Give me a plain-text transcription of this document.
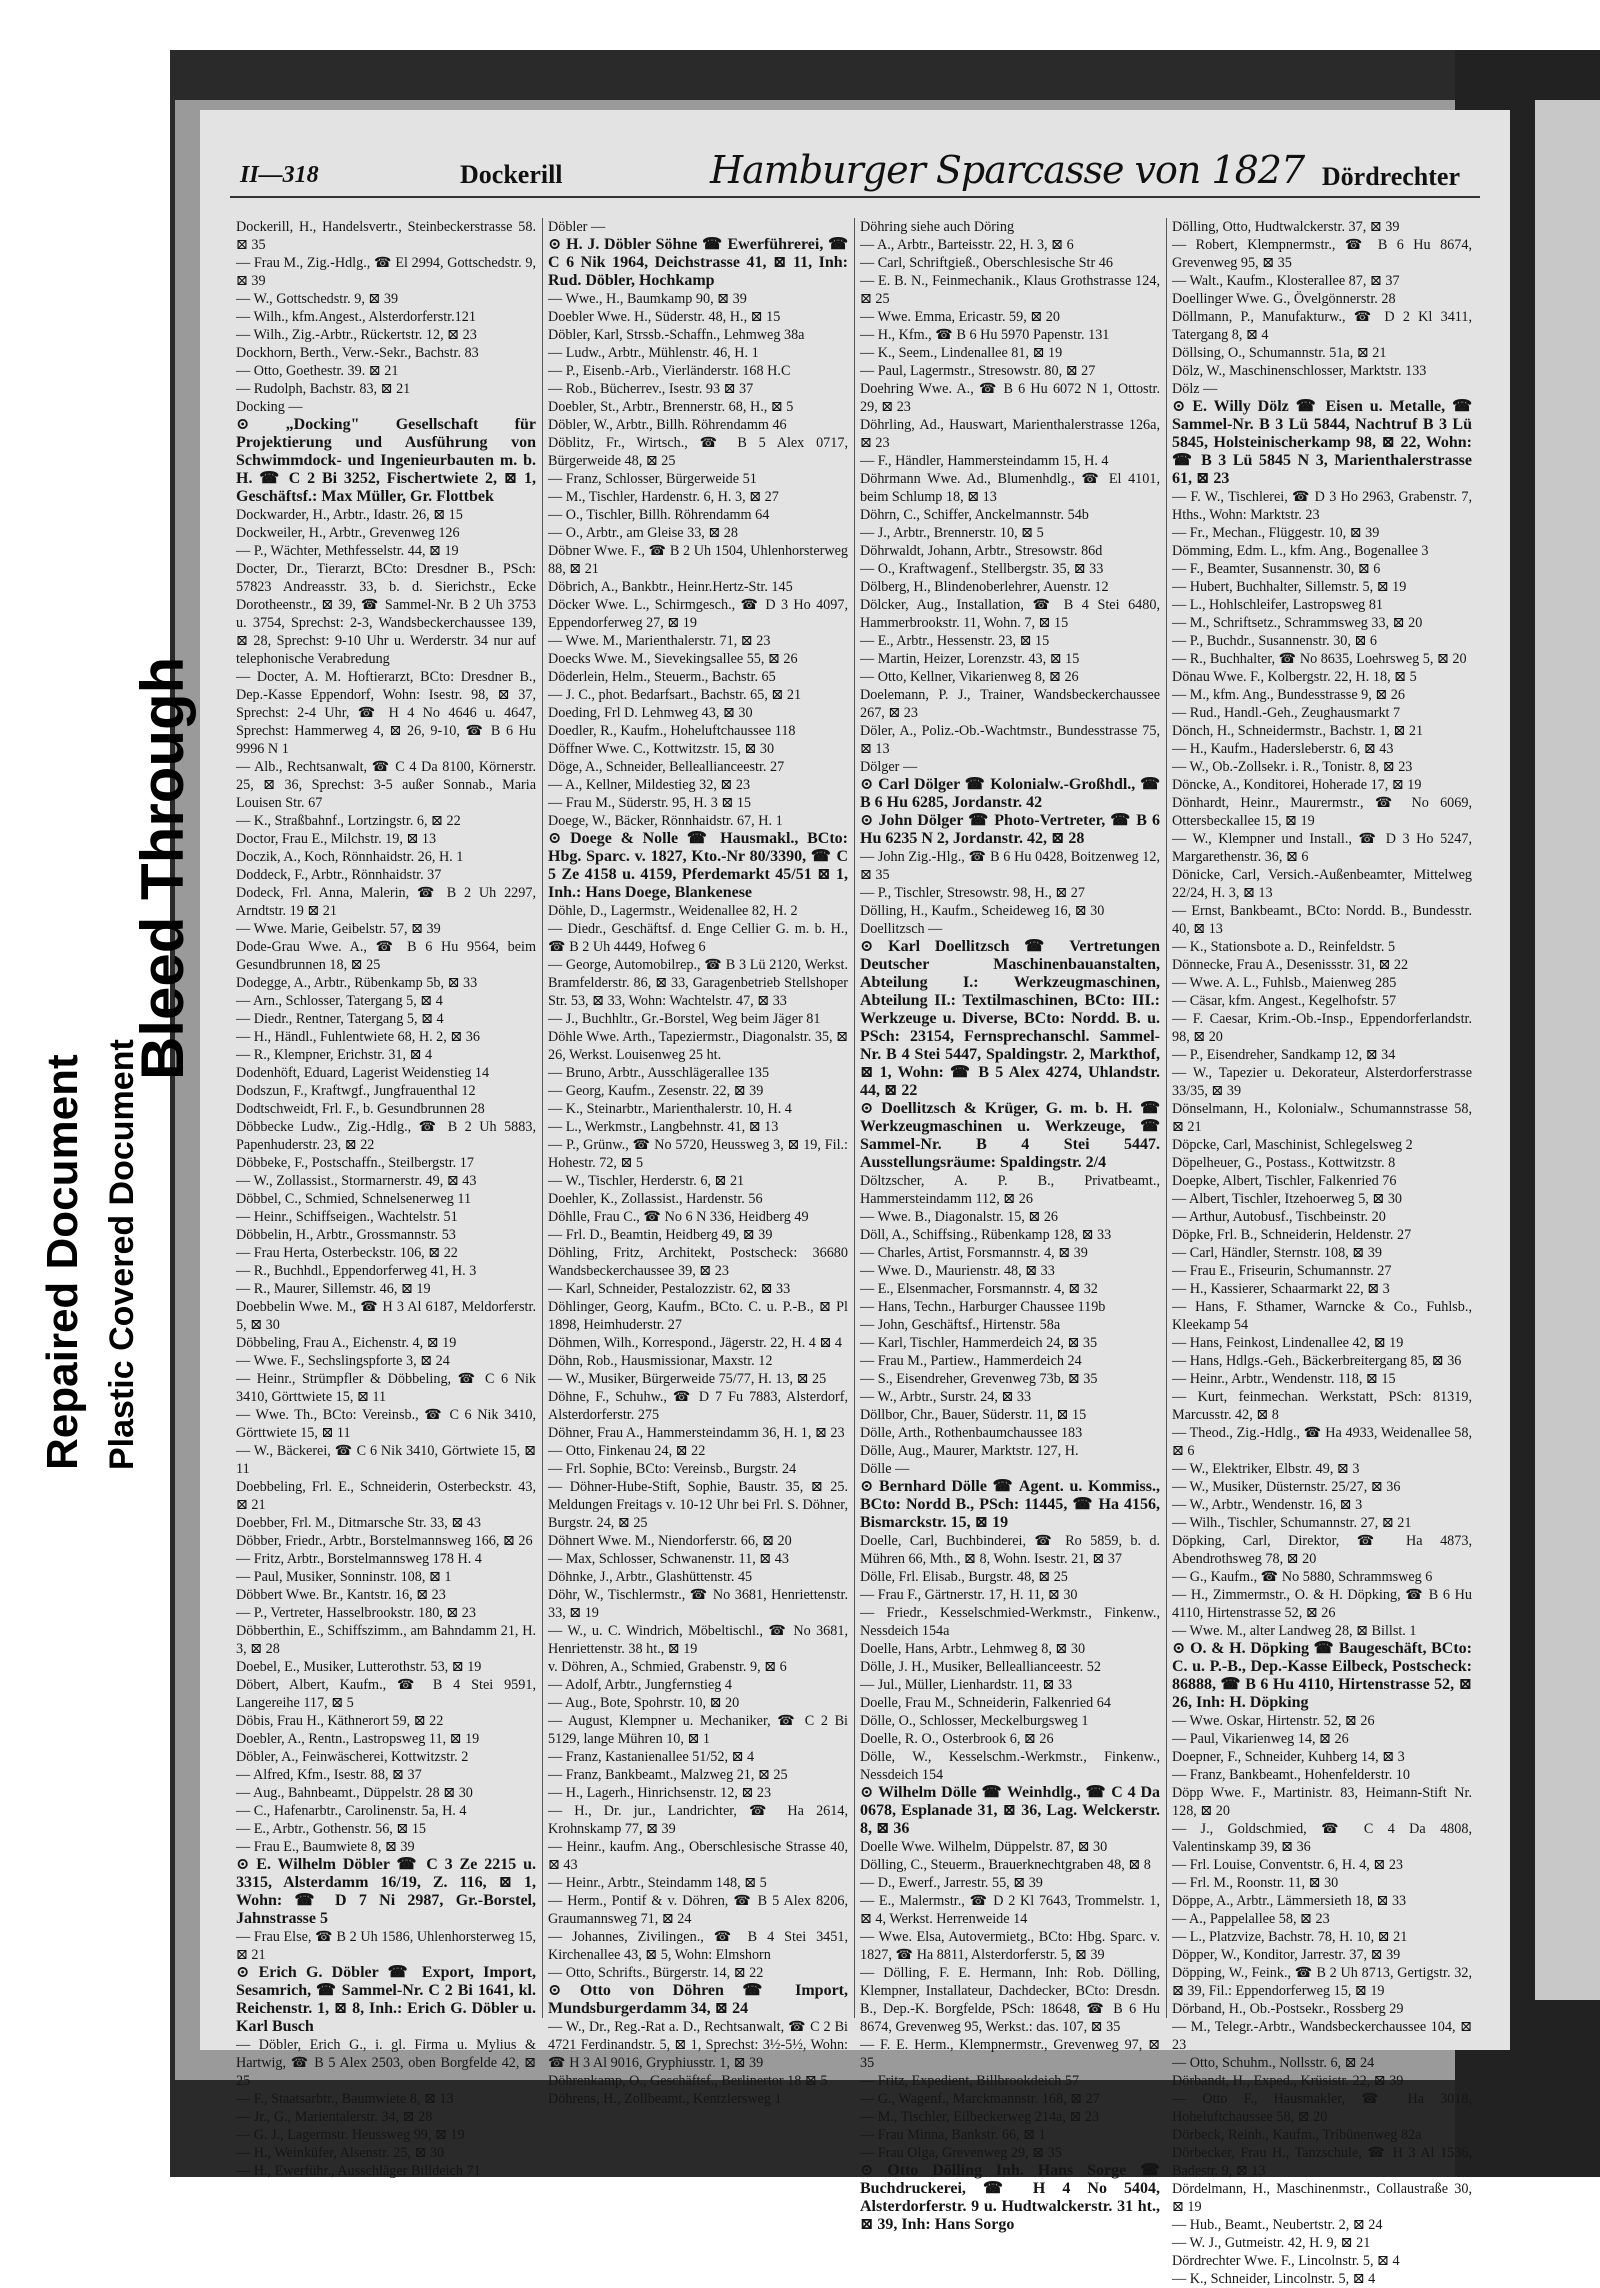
Repaired Document Plastic Covered Document
Bleed Through
II—318	Dockerill	Hamburger Sparcasse von 1827 Dördrechter

Dockerill, H., Handelsvertr., Steinbeckerstrasse 58. ⊠ 35

— Frau M., Zig.-Hdlg., ☎ El 2994, Gottschedstr. 9, ⊠ 39

— W., Gottschedstr. 9, ⊠ 39

— Wilh., kfm.Angest., Alsterdorferstr.121

— Wilh., Zig.-Arbtr., Rückertstr. 12, ⊠ 23

Dockhorn, Berth., Verw.-Sekr., Bachstr. 83

— Otto, Goethestr. 39. ⊠ 21

— Rudolph, Bachstr. 83, ⊠ 21

Docking —

⊙ „Docking" Gesellschaft für Projektierung und Ausführung von Schwimmdock- und Ingenieurbauten m. b. H. ☎ C 2 Bi 3252, Fischertwiete 2, ⊠ 1, Geschäftsf.: Max Müller, Gr. Flottbek

Dockwarder, H., Arbtr., Idastr. 26, ⊠ 15

Dockweiler, H., Arbtr., Grevenweg 126

— P., Wächter, Methfesselstr. 44, ⊠ 19

Docter, Dr., Tierarzt, BCto: Dresdner B., PSch: 57823 Andreasstr. 33, b. d. Sierichstr., Ecke Dorotheenstr., ⊠ 39, ☎ Sammel-Nr. B 2 Uh 3753 u. 3754, Sprechst: 2-3, Wandsbeckerchaussee 139, ⊠ 28, Sprechst: 9-10 Uhr u. Werderstr. 34 nur auf telephonische Verabredung

— Docter, A. M. Hoftierarzt, BCto: Dresdner B., Dep.-Kasse Eppendorf, Wohn: Isestr. 98, ⊠ 37, Sprechst: 2-4 Uhr, ☎ H 4 No 4646 u. 4647, Sprechst: Hammerweg 4, ⊠ 26, 9-10, ☎ B 6 Hu 9996 N 1

— Alb., Rechtsanwalt, ☎ C 4 Da 8100, Körnerstr. 25, ⊠ 36, Sprechst: 3-5 außer Sonnab., Maria Louisen Str. 67

— K., Straßbahnf., Lortzingstr. 6, ⊠ 22

Doctor, Frau E., Milchstr. 19, ⊠ 13

Doczik, A., Koch, Rönnhaidstr. 26, H. 1

Doddeck, F., Arbtr., Rönnhaidstr. 37

Dodeck, Frl. Anna, Malerin, ☎ B 2 Uh 2297, Arndtstr. 19 ⊠ 21

— Wwe. Marie, Geibelstr. 57, ⊠ 39

Dode-Grau Wwe. A., ☎ B 6 Hu 9564, beim Gesundbrunnen 18, ⊠ 25

Dodegge, A., Arbtr., Rübenkamp 5b, ⊠ 33

— Arn., Schlosser, Tatergang 5, ⊠ 4

— Diedr., Rentner, Tatergang 5, ⊠ 4

— H., Händl., Fuhlentwiete 68, H. 2, ⊠ 36

— R., Klempner, Erichstr. 31, ⊠ 4

Dodenhöft, Eduard, Lagerist Weidenstieg 14

Dodszun, F., Kraftwgf., Jungfrauenthal 12

Dodtschweidt, Frl. F., b. Gesundbrunnen 28

Döbbecke Ludw., Zig.-Hdlg., ☎ B 2 Uh 5883, Papenhuderstr. 23, ⊠ 22

Döbbeke, F., Postschaffn., Steilbergstr. 17

— W., Zollassist., Stormarnerstr. 49, ⊠ 43

Döbbel, C., Schmied, Schnelsenerweg 11

— Heinr., Schiffseigen., Wachtelstr. 51

Döbbelin, H., Arbtr., Grossmannstr. 53

— Frau Herta, Osterbeckstr. 106, ⊠ 22

— R., Buchhdl., Eppendorferweg 41, H. 3

— R., Maurer, Sillemstr. 46, ⊠ 19

Doebbelin Wwe. M., ☎ H 3 Al 6187, Meldorferstr. 5, ⊠ 30

Döbbeling, Frau A., Eichenstr. 4, ⊠ 19

— Wwe. F., Sechslingspforte 3, ⊠ 24

— Heinr., Strümpfler & Döbbeling, ☎ C 6 Nik 3410, Görttwiete 15, ⊠ 11

— Wwe. Th., BCto: Vereinsb., ☎ C 6 Nik 3410, Görttwiete 15, ⊠ 11

— W., Bäckerei, ☎ C 6 Nik 3410, Görtwiete 15, ⊠ 11

Doebbeling, Frl. E., Schneiderin, Osterbeckstr. 43, ⊠ 21

Doebber, Frl. M., Ditmarsche Str. 33, ⊠ 43

Döbber, Friedr., Arbtr., Borstelmannsweg 166, ⊠ 26

— Fritz, Arbtr., Borstelmannsweg 178 H. 4

— Paul, Musiker, Sonninstr. 108, ⊠ 1

Döbbert Wwe. Br., Kantstr. 16, ⊠ 23

— P., Vertreter, Hasselbrookstr. 180, ⊠ 23

Döbberthin, E., Schiffszimm., am Bahndamm 21, H. 3, ⊠ 28

Doebel, E., Musiker, Lutterothstr. 53, ⊠ 19

Döbert, Albert, Kaufm., ☎ B 4 Stei 9591, Langereihe 117, ⊠ 5

Döbis, Frau H., Käthnerort 59, ⊠ 22

Doebler, A., Rentn., Lastropsweg 11, ⊠ 19

Döbler, A., Feinwäscherei, Kottwitzstr. 2

— Alfred, Kfm., Isestr. 88, ⊠ 37

— Aug., Bahnbeamt., Düppelstr. 28 ⊠ 30

— C., Hafenarbtr., Carolinenstr. 5a, H. 4

— E., Arbtr., Gothenstr. 56, ⊠ 15

— Frau E., Baumwiete 8, ⊠ 39

⊙ E. Wilhelm Döbler ☎ C 3 Ze 2215 u. 3315, Alsterdamm 16/19, Z. 116, ⊠ 1, Wohn: ☎ D 7 Ni 2987, Gr.-Borstel, Jahnstrasse 5

— Frau Else, ☎ B 2 Uh 1586, Uhlenhorsterweg 15, ⊠ 21

⊙ Erich G. Döbler ☎ Export, Import, Sesamrich, ☎ Sammel-Nr. C 2 Bi 1641, kl. Reichenstr. 1, ⊠ 8, Inh.: Erich G. Döbler u. Karl Busch

— Döbler, Erich G., i. gl. Firma u. Mylius & Hartwig, ☎ B 5 Alex 2503, oben Borgfelde 42, ⊠ 25

— F., Staatsarbtr., Baumwiete 8, ⊠ 13

— Jr., G., Marientalerstr. 34, ⊠ 28

— G. J., Lagermstr. Heussweg 99, ⊠ 19

— H., Weinküfer, Alsenstr. 25, ⊠ 30

— H., Ewerführ., Ausschläger Billdeich 71

Döbler —

⊙ H. J. Döbler Söhne ☎ Ewerführerei, ☎ C 6 Nik 1964, Deichstrasse 41, ⊠ 11, Inh: Rud. Döbler, Hochkamp

— Wwe., H., Baumkamp 90, ⊠ 39

Doebler Wwe. H., Süderstr. 48, H., ⊠ 15

Döbler, Karl, Strssb.-Schaffn., Lehmweg 38a

— Ludw., Arbtr., Mühlenstr. 46, H. 1

— P., Eisenb.-Arb., Vierländerstr. 168 H.C

— Rob., Bücherrev., Isestr. 93 ⊠ 37

Doebler, St., Arbtr., Brennerstr. 68, H., ⊠ 5

Döbler, W., Arbtr., Billh. Röhrendamm 46

Döblitz, Fr., Wirtsch., ☎ B 5 Alex 0717, Bürgerweide 48, ⊠ 25

— Franz, Schlosser, Bürgerweide 51

— M., Tischler, Hardenstr. 6, H. 3, ⊠ 27

— O., Tischler, Billh. Röhrendamm 64

— O., Arbtr., am Gleise 33, ⊠ 28

Döbner Wwe. F., ☎ B 2 Uh 1504, Uhlenhorsterweg 88, ⊠ 21

Döbrich, A., Bankbtr., Heinr.Hertz-Str. 145

Döcker Wwe. L., Schirmgesch., ☎ D 3 Ho 4097, Eppendorferweg 27, ⊠ 19

— Wwe. M., Marienthalerstr. 71, ⊠ 23

Doecks Wwe. M., Sievekingsallee 55, ⊠ 26

Döderlein, Helm., Steuerm., Bachstr. 65

— J. C., phot. Bedarfsart., Bachstr. 65, ⊠ 21

Doeding, Frl D. Lehmweg 43, ⊠ 30

Doedler, R., Kaufm., Hoheluftchaussee 118

Döffner Wwe. C., Kottwitzstr. 15, ⊠ 30

Döge, A., Schneider, Belleallianceestr. 27

— A., Kellner, Mildestieg 32, ⊠ 23

— Frau M., Süderstr. 95, H. 3 ⊠ 15

Doege, W., Bäcker, Rönnhaidstr. 67, H. 1

⊙ Doege & Nolle ☎ Hausmakl., BCto: Hbg. Sparc. v. 1827, Kto.-Nr 80/3390, ☎ C 5 Ze 4158 u. 4159, Pferdemarkt 45/51 ⊠ 1, Inh.: Hans Doege, Blankenese

Döhle, D., Lagermstr., Weidenallee 82, H. 2

— Diedr., Geschäftsf. d. Enge Cellier G. m. b. H., ☎ B 2 Uh 4449, Hofweg 6

— George, Automobilrep., ☎ B 3 Lü 2120, Werkst. Bramfelderstr. 86, ⊠ 33, Garagenbetrieb Stellshoper Str. 53, ⊠ 33, Wohn: Wachtelstr. 47, ⊠ 33

— J., Buchhltr., Gr.-Borstel, Weg beim Jäger 81

Döhle Wwe. Arth., Tapeziermstr., Diagonalstr. 35, ⊠ 26, Werkst. Louisenweg 25 ht.

— Bruno, Arbtr., Ausschlägerallee 135

— Georg, Kaufm., Zesenstr. 22, ⊠ 39

— K., Steinarbtr., Marienthalerstr. 10, H. 4

— L., Werkmstr., Langbehnstr. 41, ⊠ 13

— P., Grünw., ☎ No 5720, Heussweg 3, ⊠ 19, Fil.: Hohestr. 72, ⊠ 5

— W., Tischler, Herderstr. 6, ⊠ 21

Doehler, K., Zollassist., Hardenstr. 56

Döhlle, Frau C., ☎ No 6 N 336, Heidberg 49

— Frl. D., Beamtin, Heidberg 49, ⊠ 39

Döhling, Fritz, Architekt, Postscheck: 36680 Wandsbeckerchaussee 39, ⊠ 23

— Karl, Schneider, Pestalozzistr. 62, ⊠ 33

Döhlinger, Georg, Kaufm., BCto. C. u. P.-B., ⊠ Pl 1898, Heimhuderstr. 27

Döhmen, Wilh., Korrespond., Jägerstr. 22, H. 4 ⊠ 4

Döhn, Rob., Hausmissionar, Maxstr. 12

— W., Musiker, Bürgerweide 75/77, H. 13, ⊠ 25

Döhne, F., Schuhw., ☎ D 7 Fu 7883, Alsterdorf, Alsterdorferstr. 275

Döhner, Frau A., Hammersteindamm 36, H. 1, ⊠ 23

— Otto, Finkenau 24, ⊠ 22

— Frl. Sophie, BCto: Vereinsb., Burgstr. 24

— Döhner-Hube-Stift, Sophie, Baustr. 35, ⊠ 25. Meldungen Freitags v. 10-12 Uhr bei Frl. S. Döhner, Burgstr. 24, ⊠ 25

Döhnert Wwe. M., Niendorferstr. 66, ⊠ 20

— Max, Schlosser, Schwanenstr. 11, ⊠ 43

Döhnke, J., Arbtr., Glashüttenstr. 45

Döhr, W., Tischlermstr., ☎ No 3681, Henriettenstr. 33, ⊠ 19

— W., u. C. Windrich, Möbeltischl., ☎ No 3681, Henriettenstr. 38 ht., ⊠ 19

v. Döhren, A., Schmied, Grabenstr. 9, ⊠ 6

— Adolf, Arbtr., Jungfernstieg 4

— Aug., Bote, Spohrstr. 10, ⊠ 20

— August, Klempner u. Mechaniker, ☎ C 2 Bi 5129, lange Mühren 10, ⊠ 1

— Franz, Kastanienallee 51/52, ⊠ 4

— Franz, Bankbeamt., Malzweg 21, ⊠ 25

— H., Lagerh., Hinrichsenstr. 12, ⊠ 23

— H., Dr. jur., Landrichter, ☎ Ha 2614, Krohnskamp 77, ⊠ 39

— Heinr., kaufm. Ang., Oberschlesische Strasse 40, ⊠ 43

— Heinr., Arbtr., Steindamm 148, ⊠ 5

— Herm., Pontif & v. Döhren, ☎ B 5 Alex 8206, Graumannsweg 71, ⊠ 24

— Johannes, Zivilingen., ☎ B 4 Stei 3451, Kirchenallee 43, ⊠ 5, Wohn: Elmshorn

— Otto, Schrifts., Bürgerstr. 14, ⊠ 22

⊙ Otto von Döhren ☎ Import, Mundsburgerdamm 34, ⊠ 24

— W., Dr., Reg.-Rat a. D., Rechtsanwalt, ☎ C 2 Bi 4721 Ferdinandstr. 5, ⊠ 1, Sprechst: 3½-5½, Wohn: ☎ H 3 Al 9016, Gryphiusstr. 1, ⊠ 39

Döhrenkamp, O., Geschäftsf., Berlinertor 18 ⊠ 5

Döhrens, H., Zollbeamt., Kentzlersweg 1

Döhring siehe auch Döring

— A., Arbtr., Barteisstr. 22, H. 3, ⊠ 6

— Carl, Schriftgieß., Oberschlesische Str 46

— E. B. N., Feinmechanik., Klaus Grothstrasse 124, ⊠ 25

— Wwe. Emma, Ericastr. 59, ⊠ 20

— H., Kfm., ☎ B 6 Hu 5970 Papenstr. 131

— K., Seem., Lindenallee 81, ⊠ 19

— Paul, Lagermstr., Stresowstr. 80, ⊠ 27

Doehring Wwe. A., ☎ B 6 Hu 6072 N 1, Ottostr. 29, ⊠ 23

Döhrling, Ad., Hauswart, Marienthalerstrasse 126a, ⊠ 23

— F., Händler, Hammersteindamm 15, H. 4

Döhrmann Wwe. Ad., Blumenhdlg., ☎ El 4101, beim Schlump 18, ⊠ 13

Döhrn, C., Schiffer, Anckelmannstr. 54b

— J., Arbtr., Brennerstr. 10, ⊠ 5

Döhrwaldt, Johann, Arbtr., Stresowstr. 86d

— O., Kraftwagenf., Stellbergstr. 35, ⊠ 33

Dölberg, H., Blindenoberlehrer, Auenstr. 12

Dölcker, Aug., Installation, ☎ B 4 Stei 6480, Hammerbrookstr. 11, Wohn. 7, ⊠ 15

— E., Arbtr., Hessenstr. 23, ⊠ 15

— Martin, Heizer, Lorenzstr. 43, ⊠ 15

— Otto, Kellner, Vikarienweg 8, ⊠ 26

Doelemann, P. J., Trainer, Wandsbeckerchaussee 267, ⊠ 23

Döler, A., Poliz.-Ob.-Wachtmstr., Bundesstrasse 75, ⊠ 13

Dölger —

⊙ Carl Dölger ☎ Kolonialw.-Großhdl., ☎ B 6 Hu 6285, Jordanstr. 42

⊙ John Dölger ☎ Photo-Vertreter, ☎ B 6 Hu 6235 N 2, Jordanstr. 42, ⊠ 28

— John Zig.-Hlg., ☎ B 6 Hu 0428, Boitzenweg 12, ⊠ 35

— P., Tischler, Stresowstr. 98, H., ⊠ 27

Dölling, H., Kaufm., Scheideweg 16, ⊠ 30

Doellitzsch —

⊙ Karl Doellitzsch ☎ Vertretungen Deutscher Maschinenbauanstalten, Abteilung I.: Werkzeugmaschinen, Abteilung II.: Textilmaschinen, BCto: III.: Werkzeuge u. Diverse, BCto: Nordd. B. u. PSch: 23154, Fernsprechanschl. Sammel-Nr. B 4 Stei 5447, Spaldingstr. 2, Markthof, ⊠ 1, Wohn: ☎ B 5 Alex 4274, Uhlandstr. 44, ⊠ 22

⊙ Doellitzsch & Krüger, G. m. b. H. ☎ Werkzeugmaschinen u. Werkzeuge, ☎ Sammel-Nr. B 4 Stei 5447. Ausstellungsräume: Spaldingstr. 2/4

Döltzscher, A. P. B., Privatbeamt., Hammersteindamm 112, ⊠ 26

— Wwe. B., Diagonalstr. 15, ⊠ 26

Döll, A., Schiffsing., Rübenkamp 128, ⊠ 33

— Charles, Artist, Forsmannstr. 4, ⊠ 39

— Wwe. D., Maurienstr. 48, ⊠ 33

— E., Elsenmacher, Forsmannstr. 4, ⊠ 32

— Hans, Techn., Harburger Chaussee 119b

— John, Geschäftsf., Hirtenstr. 58a

— Karl, Tischler, Hammerdeich 24, ⊠ 35

— Frau M., Partiew., Hammerdeich 24

— S., Eisendreher, Grevenweg 73b, ⊠ 35

— W., Arbtr., Surstr. 24, ⊠ 33

Döllbor, Chr., Bauer, Süderstr. 11, ⊠ 15

Dölle, Arth., Rothenbaumchaussee 183

Dölle, Aug., Maurer, Marktstr. 127, H.

Dölle —

⊙ Bernhard Dölle ☎ Agent. u. Kommiss., BCto: Nordd B., PSch: 11445, ☎ Ha 4156, Bismarckstr. 15, ⊠ 19

Doelle, Carl, Buchbinderei, ☎ Ro 5859, b. d. Mühren 66, Mth., ⊠ 8, Wohn. Isestr. 21, ⊠ 37

Dölle, Frl. Elisab., Burgstr. 48, ⊠ 25

— Frau F., Gärtnerstr. 17, H. 11, ⊠ 30

— Friedr., Kesselschmied-Werkmstr., Finkenw., Nessdeich 154a

Doelle, Hans, Arbtr., Lehmweg 8, ⊠ 30

Dölle, J. H., Musiker, Belleallianceestr. 52

— Jul., Müller, Lienhardstr. 11, ⊠ 33

Doelle, Frau M., Schneiderin, Falkenried 64

Dölle, O., Schlosser, Meckelburgsweg 1

Doelle, R. O., Osterbrook 6, ⊠ 26

Dölle, W., Kesselschm.-Werkmstr., Finkenw., Nessdeich 154

⊙ Wilhelm Dölle ☎ Weinhdlg., ☎ C 4 Da 0678, Esplanade 31, ⊠ 36, Lag. Welckerstr. 8, ⊠ 36

Doelle Wwe. Wilhelm, Düppelstr. 87, ⊠ 30

Dölling, C., Steuerm., Brauerknechtgraben 48, ⊠ 8

— D., Ewerf., Jarrestr. 55, ⊠ 39

— E., Malermstr., ☎ D 2 Kl 7643, Trommelstr. 1, ⊠ 4, Werkst. Herrenweide 14

— Wwe. Elsa, Autovermietg., BCto: Hbg. Sparc. v. 1827, ☎ Ha 8811, Alsterdorferstr. 5, ⊠ 39

— Dölling, F. E. Hermann, Inh: Rob. Dölling, Klempner, Installateur, Dachdecker, BCto: Dresdn. B., Dep.-K. Borgfelde, PSch: 18648, ☎ B 6 Hu 8674, Grevenweg 95, Werkst.: das. 107, ⊠ 35

— F. E. Herm., Klempnermstr., Grevenweg 97, ⊠ 35

— Fritz, Expedient, Billbrookdeich 57

— G., Wagenf., Marckmannstr. 168, ⊠ 27

— M., Tischler, Eilbeckerweg 214a, ⊠ 23

— Frau Minna, Bankstr. 66, ⊠ 1

— Frau Olga, Grevenweg 29, ⊠ 35

⊙ Otto Dölling Inh. Hans Sorge ☎ Buchdruckerei, ☎ H 4 No 5404, Alsterdorferstr. 9 u. Hudtwalckerstr. 31 ht., ⊠ 39, Inh: Hans Sorgo

Dölling, Otto, Hudtwalckerstr. 37, ⊠ 39

— Robert, Klempnermstr., ☎ B 6 Hu 8674, Grevenweg 95, ⊠ 35

— Walt., Kaufm., Klosterallee 87, ⊠ 37

Doellinger Wwe. G., Övelgönnerstr. 28

Döllmann, P., Manufakturw., ☎ D 2 Kl 3411, Tatergang 8, ⊠ 4

Döllsing, O., Schumannstr. 51a, ⊠ 21

Dölz, W., Maschinenschlosser, Marktstr. 133

Dölz —

⊙ E. Willy Dölz ☎ Eisen u. Metalle, ☎ Sammel-Nr. B 3 Lü 5844, Nachtruf B 3 Lü 5845, Holsteinischerkamp 98, ⊠ 22, Wohn: ☎ B 3 Lü 5845 N 3, Marienthalerstrasse 61, ⊠ 23

— F. W., Tischlerei, ☎ D 3 Ho 2963, Grabenstr. 7, Hths., Wohn: Marktstr. 23

— Fr., Mechan., Flüggestr. 10, ⊠ 39

Dömming, Edm. L., kfm. Ang., Bogenallee 3

— F., Beamter, Susannenstr. 30, ⊠ 6

— Hubert, Buchhalter, Sillemstr. 5, ⊠ 19

— L., Hohlschleifer, Lastropsweg 81

— M., Schriftsetz., Schrammsweg 33, ⊠ 20

— P., Buchdr., Susannenstr. 30, ⊠ 6

— R., Buchhalter, ☎ No 8635, Loehrsweg 5, ⊠ 20

Dönau Wwe. F., Kolbergstr. 22, H. 18, ⊠ 5

— M., kfm. Ang., Bundesstrasse 9, ⊠ 26

— Rud., Handl.-Geh., Zeughausmarkt 7

Dönch, H., Schneidermstr., Bachstr. 1, ⊠ 21

— H., Kaufm., Hadersleberstr. 6, ⊠ 43

— W., Ob.-Zollsekr. i. R., Tonistr. 8, ⊠ 23

Döncke, A., Konditorei, Hoherade 17, ⊠ 19

Dönhardt, Heinr., Maurermstr., ☎ No 6069, Ottersbeckallee 15, ⊠ 19

— W., Klempner und Install., ☎ D 3 Ho 5247, Margarethenstr. 36, ⊠ 6

Dönicke, Carl, Versich.-Außenbeamter, Mittelweg 22/24, H. 3, ⊠ 13

— Ernst, Bankbeamt., BCto: Nordd. B., Bundesstr. 40, ⊠ 13

— K., Stationsbote a. D., Reinfeldstr. 5

Dönnecke, Frau A., Desenissstr. 31, ⊠ 22

— Wwe. A. L., Fuhlsb., Maienweg 285

— Cäsar, kfm. Angest., Kegelhofstr. 57

— F. Caesar, Krim.-Ob.-Insp., Eppendorferlandstr. 98, ⊠ 20

— P., Eisendreher, Sandkamp 12, ⊠ 34

— W., Tapezier u. Dekorateur, Alsterdorferstrasse 33/35, ⊠ 39

Dönselmann, H., Kolonialw., Schumannstrasse 58, ⊠ 21

Döpcke, Carl, Maschinist, Schlegelsweg 2

Döpelheuer, G., Postass., Kottwitzstr. 8

Doepke, Albert, Tischler, Falkenried 76

— Albert, Tischler, Itzehoerweg 5, ⊠ 30

— Arthur, Autobusf., Tischbeinstr. 20

Döpke, Frl. B., Schneiderin, Heldenstr. 27

— Carl, Händler, Sternstr. 108, ⊠ 39

— Frau E., Friseurin, Schumannstr. 27

— H., Kassierer, Schaarmarkt 22, ⊠ 3

— Hans, F. Sthamer, Warncke & Co., Fuhlsb., Kleekamp 54

— Hans, Feinkost, Lindenallee 42, ⊠ 19

— Hans, Hdlgs.-Geh., Bäckerbreitergang 85, ⊠ 36

— Heinr., Arbtr., Wendenstr. 118, ⊠ 15

— Kurt, feinmechan. Werkstatt, PSch: 81319, Marcusstr. 42, ⊠ 8

— Theod., Zig.-Hdlg., ☎ Ha 4933, Weidenallee 58, ⊠ 6

— W., Elektriker, Elbstr. 49, ⊠ 3

— W., Musiker, Düsternstr. 25/27, ⊠ 36

— W., Arbtr., Wendenstr. 16, ⊠ 3

— Wilh., Tischler, Schumannstr. 27, ⊠ 21

Döpking, Carl, Direktor, ☎ Ha 4873, Abendrothsweg 78, ⊠ 20

— G., Kaufm., ☎ No 5880, Schrammsweg 6

— H., Zimmermstr., O. & H. Döpking, ☎ B 6 Hu 4110, Hirtenstrasse 52, ⊠ 26

— Wwe. M., alter Landweg 28, ⊠ Billst. 1

⊙ O. & H. Döpking ☎ Baugeschäft, BCto: C. u. P.-B., Dep.-Kasse Eilbeck, Postscheck: 86888, ☎ B 6 Hu 4110, Hirtenstrasse 52, ⊠ 26, Inh: H. Döpking

— Wwe. Oskar, Hirtenstr. 52, ⊠ 26

— Paul, Vikarienweg 14, ⊠ 26

Doepner, F., Schneider, Kuhberg 14, ⊠ 3

— Franz, Bankbeamt., Hohenfelderstr. 10

Döpp Wwe. F., Martinistr. 83, Heimann-Stift Nr. 128, ⊠ 20

— J., Goldschmied, ☎ C 4 Da 4808, Valentinskamp 39, ⊠ 36

— Frl. Louise, Conventstr. 6, H. 4, ⊠ 23

— Frl. M., Roonstr. 11, ⊠ 30

Döppe, A., Arbtr., Lämmersieth 18, ⊠ 33

— A., Pappelallee 58, ⊠ 23

— L., Platzvize, Bachstr. 78, H. 10, ⊠ 21

Döpper, W., Konditor, Jarrestr. 37, ⊠ 39

Döpping, W., Feink., ☎ B 2 Uh 8713, Gertigstr. 32, ⊠ 39, Fil.: Eppendorferweg 15, ⊠ 19

Dörband, H., Ob.-Postsekr., Rossberg 29

— M., Telegr.-Arbtr., Wandsbeckerchaussee 104, ⊠ 23

— Otto, Schuhm., Nollsstr. 6, ⊠ 24

Dörbandt, H., Exped., Krüsistr. 22, ⊠ 39

— Otto F., Hausmakler, ☎ Ha 3018, Hoheluftchaussee 58, ⊠ 20

Dörbeck, Reinh., Kaufm., Tribünenweg 82a

Dörbecker, Frau H., Tanzschule, ☎ H 3 Al 1536, Badestr. 9, ⊠ 13

Dördelmann, H., Maschinenmstr., Collaustraße 30, ⊠ 19

— Hub., Beamt., Neubertstr. 2, ⊠ 24

— W. J., Gutmeistr. 42, H. 9, ⊠ 21

Dördrechter Wwe. F., Lincolnstr. 5, ⊠ 4

— K., Schneider, Lincolnstr. 5, ⊠ 4
